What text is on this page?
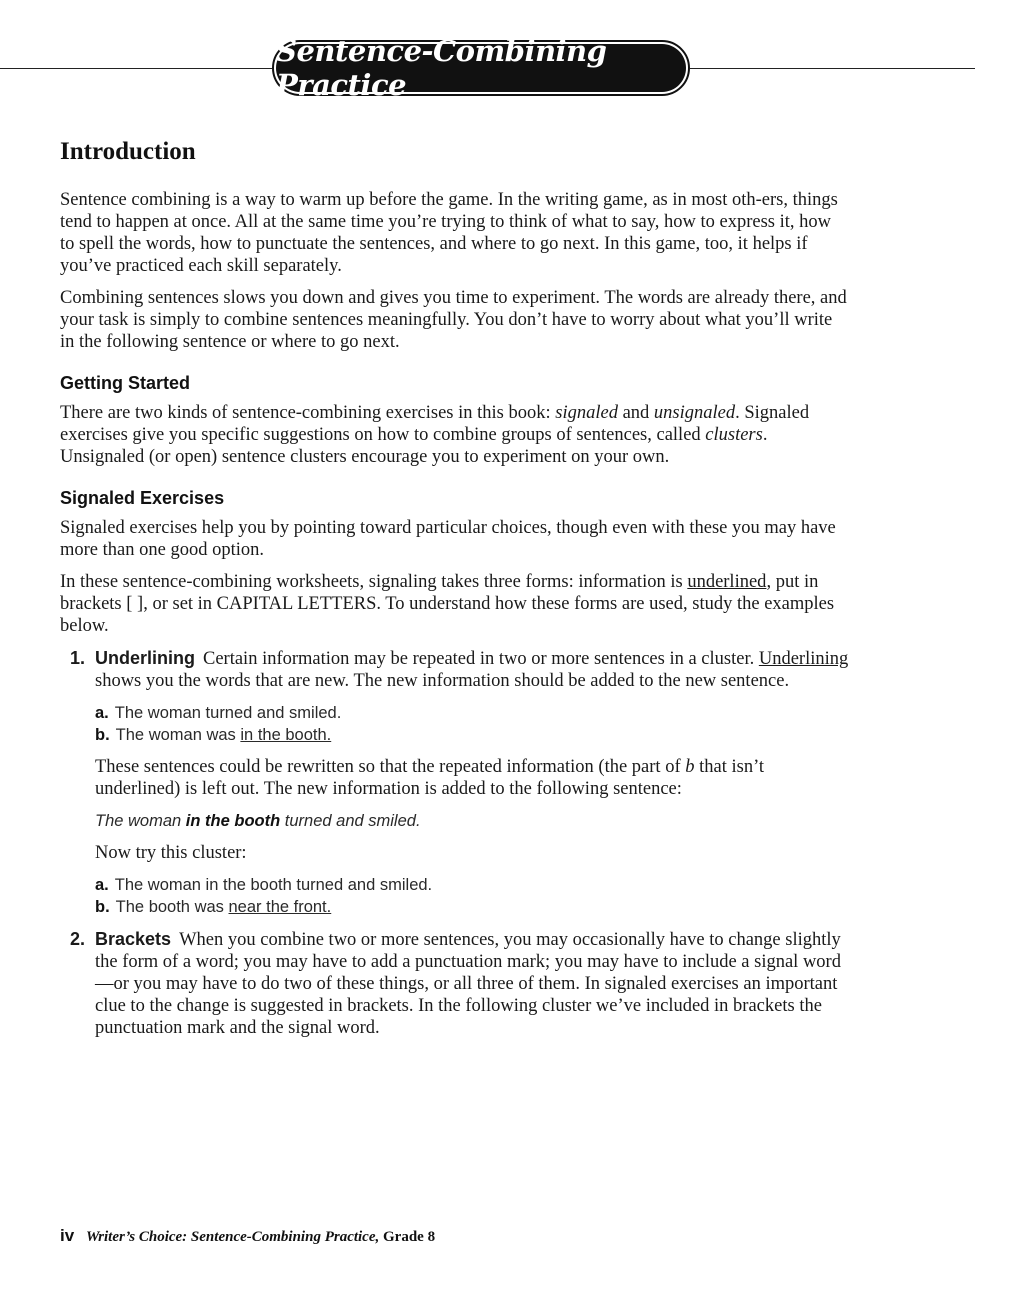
Sentence-Combining Practice
Introduction

Sentence combining is a way to warm up before the game. In the writing game, as in most oth-ers, things tend to happen at once. All at the same time you’re trying to think of what to say, how to express it, how to spell the words, how to punctuate the sentences, and where to go next. In this game, too, it helps if you’ve practiced each skill separately.

Combining sentences slows you down and gives you time to experiment. The words are already there, and your task is simply to combine sentences meaningfully. You don’t have to worry about what you’ll write in the following sentence or where to go next.

Getting Started

There are two kinds of sentence-combining exercises in this book: signaled and unsignaled. Signaled exercises give you specific suggestions on how to combine groups of sentences, called clusters. Unsignaled (or open) sentence clusters encourage you to experiment on your own.

Signaled Exercises

Signaled exercises help you by pointing toward particular choices, though even with these you may have more than one good option.

In these sentence-combining worksheets, signaling takes three forms: information is underlined, put in brackets [ ], or set in CAPITAL LETTERS. To understand how these forms are used, study the examples below.

1. Underlining Certain information may be repeated in two or more sentences in a cluster. Underlining shows you the words that are new. The new information should be added to the new sentence.

a. The woman turned and smiled.
b. The woman was in the booth.

These sentences could be rewritten so that the repeated information (the part of b that isn’t underlined) is left out. The new information is added to the following sentence:

The woman in the booth turned and smiled.

Now try this cluster:

a. The woman in the booth turned and smiled.
b. The booth was near the front.
2. Brackets When you combine two or more sentences, you may occasionally have to change slightly the form of a word; you may have to add a punctuation mark; you may have to include a signal word—or you may have to do two of these things, or all three of them. In signaled exercises an important clue to the change is suggested in brackets. In the following cluster we’ve included in brackets the punctuation mark and the signal word.

iv Writer’s Choice: Sentence-Combining Practice, Grade 8
